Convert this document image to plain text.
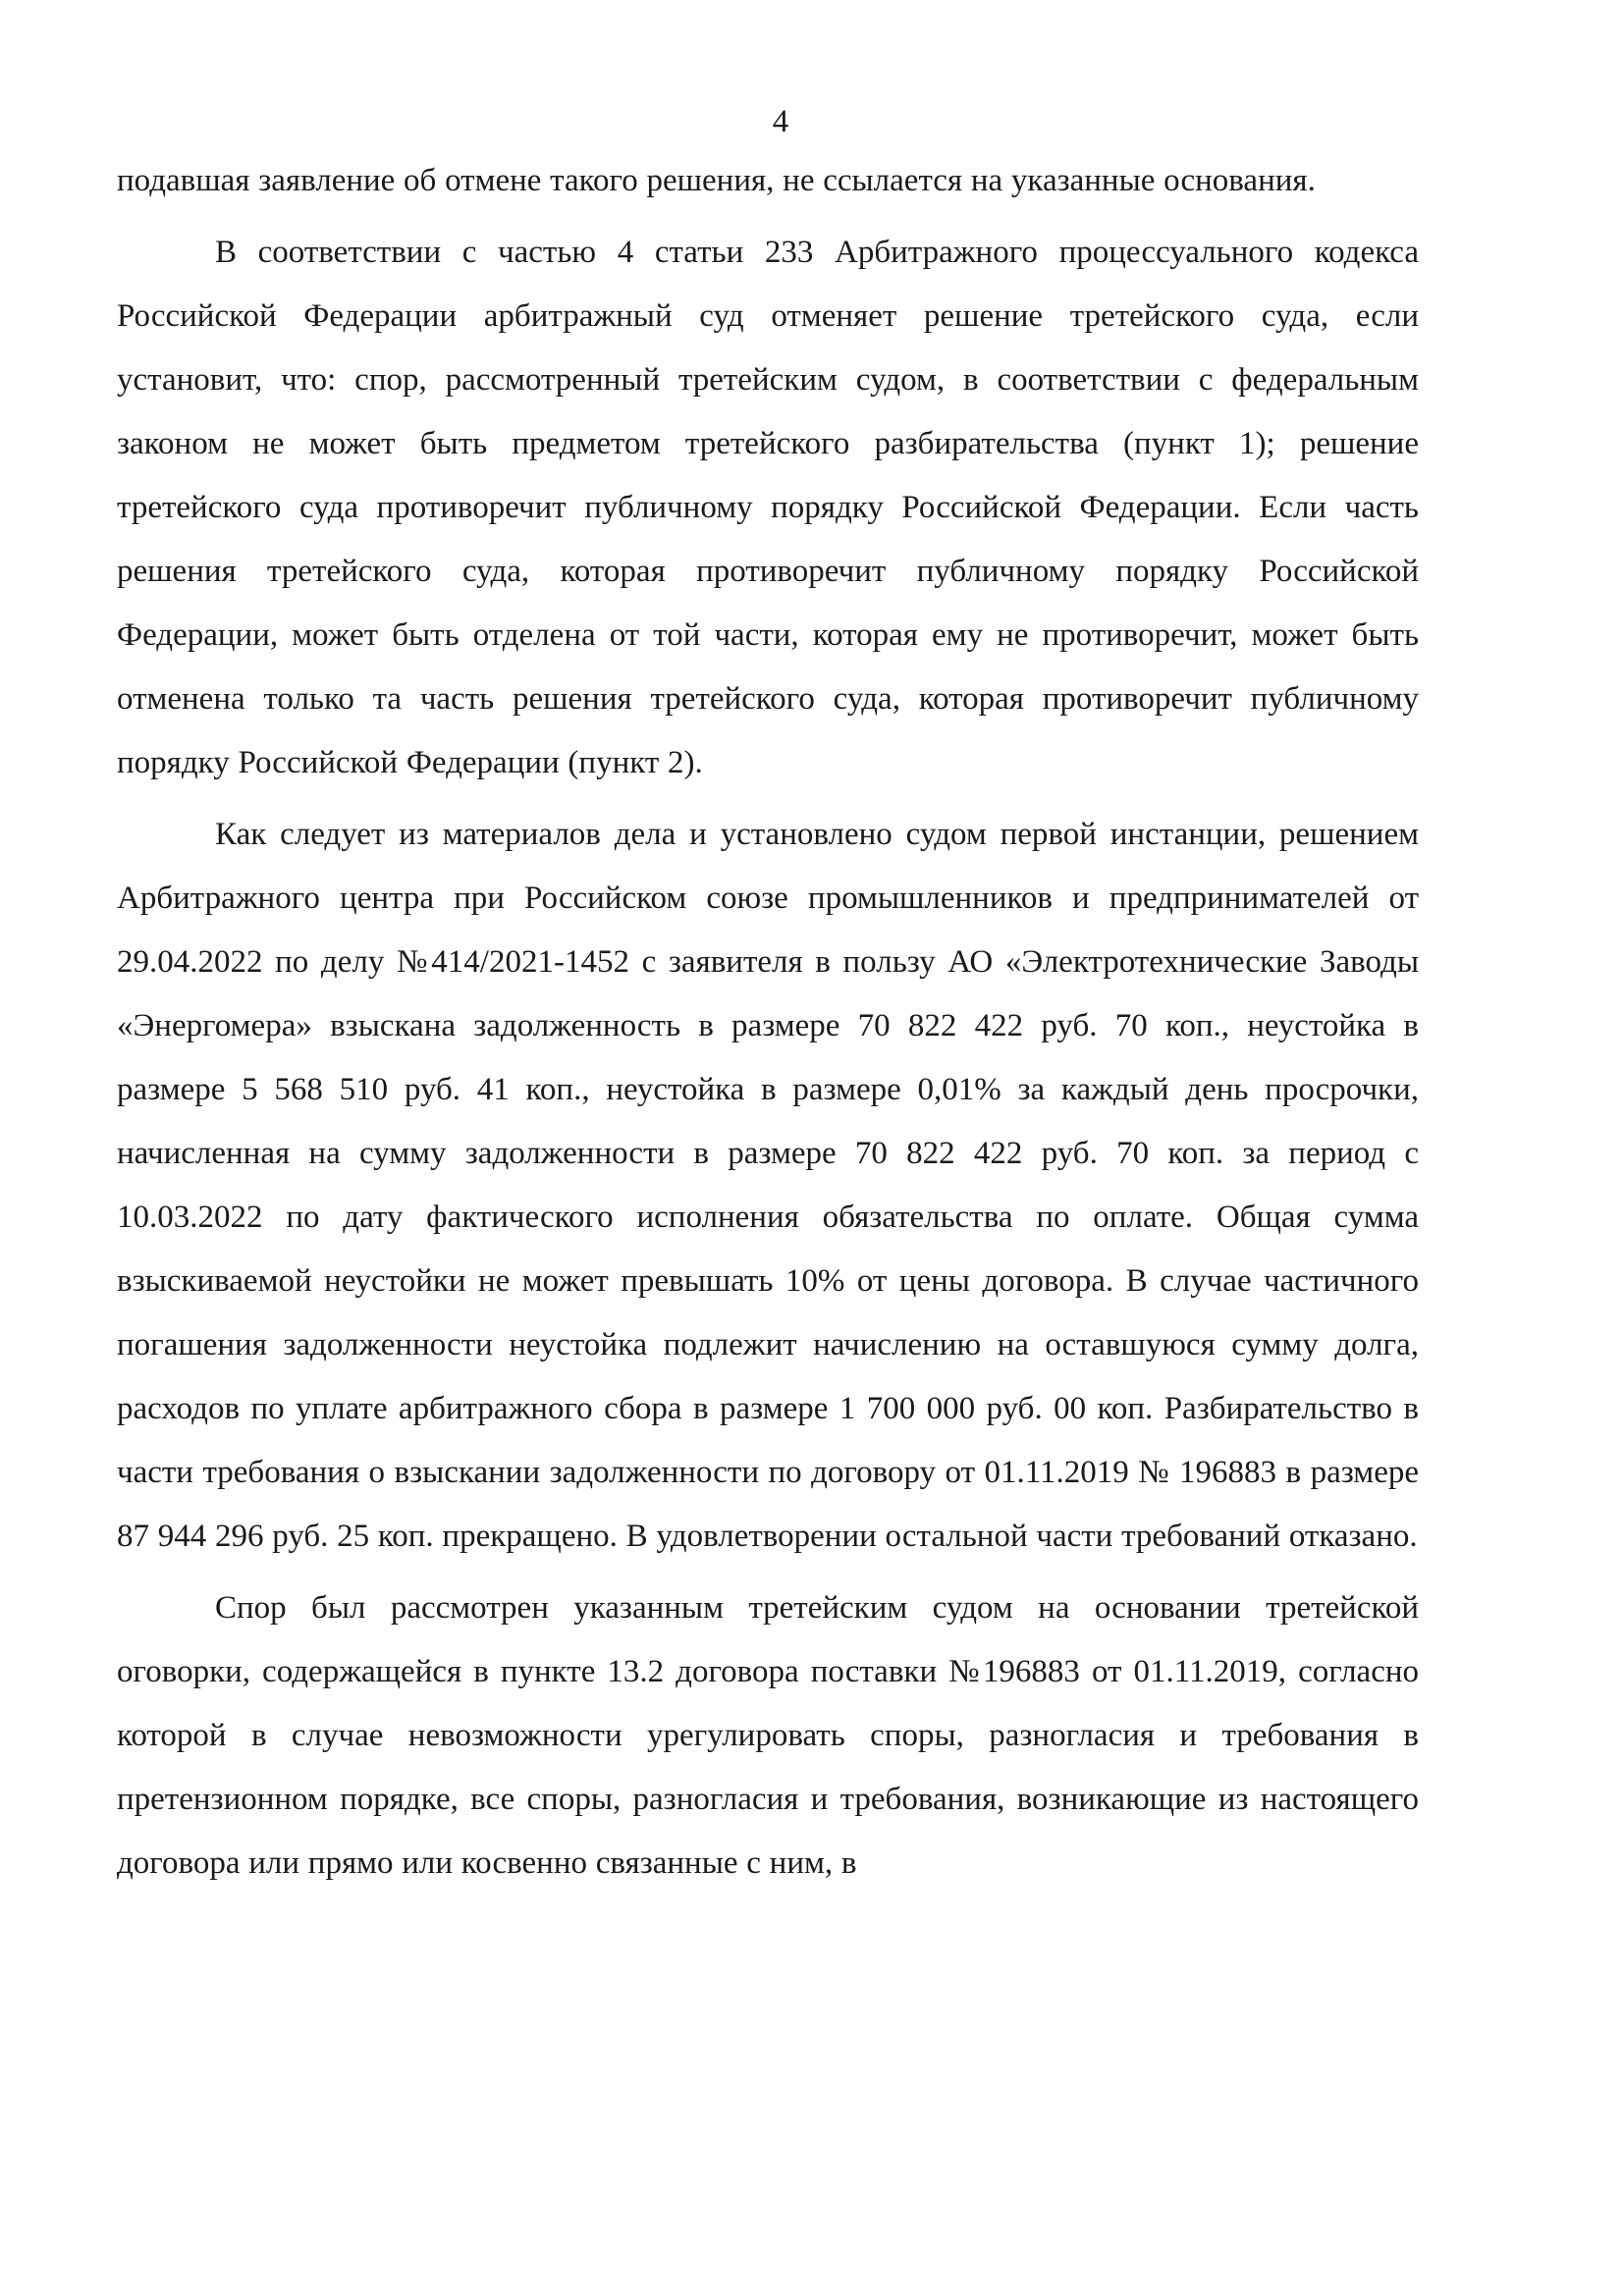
4

подавшая заявление об отмене такого решения, не ссылается на указанные основания.

В соответствии с частью 4 статьи 233 Арбитражного процессуального кодекса Российской Федерации арбитражный суд отменяет решение третейского суда, если установит, что: спор, рассмотренный третейским судом, в соответствии с федеральным законом не может быть предметом третейского разбирательства (пункт 1); решение третейского суда противоречит публичному порядку Российской Федерации. Если часть решения третейского суда, которая противоречит публичному порядку Российской Федерации, может быть отделена от той части, которая ему не противоречит, может быть отменена только та часть решения третейского суда, которая противоречит публичному порядку Российской Федерации (пункт 2).

Как следует из материалов дела и установлено судом первой инстанции, решением Арбитражного центра при Российском союзе промышленников и предпринимателей от 29.04.2022 по делу №414/2021-1452 с заявителя в пользу АО «Электротехнические Заводы «Энергомера» взыскана задолженность в размере 70 822 422 руб. 70 коп., неустойка в размере 5 568 510 руб. 41 коп., неустойка в размере 0,01% за каждый день просрочки, начисленная на сумму задолженности в размере 70 822 422 руб. 70 коп. за период с 10.03.2022 по дату фактического исполнения обязательства по оплате. Общая сумма взыскиваемой неустойки не может превышать 10% от цены договора. В случае частичного погашения задолженности неустойка подлежит начислению на оставшуюся сумму долга, расходов по уплате арбитражного сбора в размере 1 700 000 руб. 00 коп. Разбирательство в части требования о взыскании задолженности по договору от 01.11.2019 № 196883 в размере 87 944 296 руб. 25 коп. прекращено. В удовлетворении остальной части требований отказано.

Спор был рассмотрен указанным третейским судом на основании третейской оговорки, содержащейся в пункте 13.2 договора поставки №196883 от 01.11.2019, согласно которой в случае невозможности урегулировать споры, разногласия и требования в претензионном порядке, все споры, разногласия и требования, возникающие из настоящего договора или прямо или косвенно связанные с ним, в
